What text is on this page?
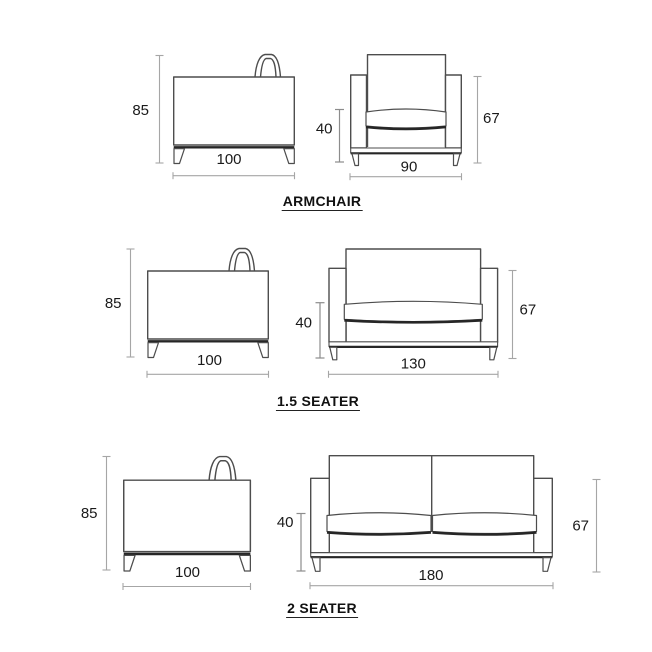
85
100
40
90
67
85
100
40
130
67
85
100
40
180
67
ARMCHAIR
1.5 SEATER
2 SEATER
